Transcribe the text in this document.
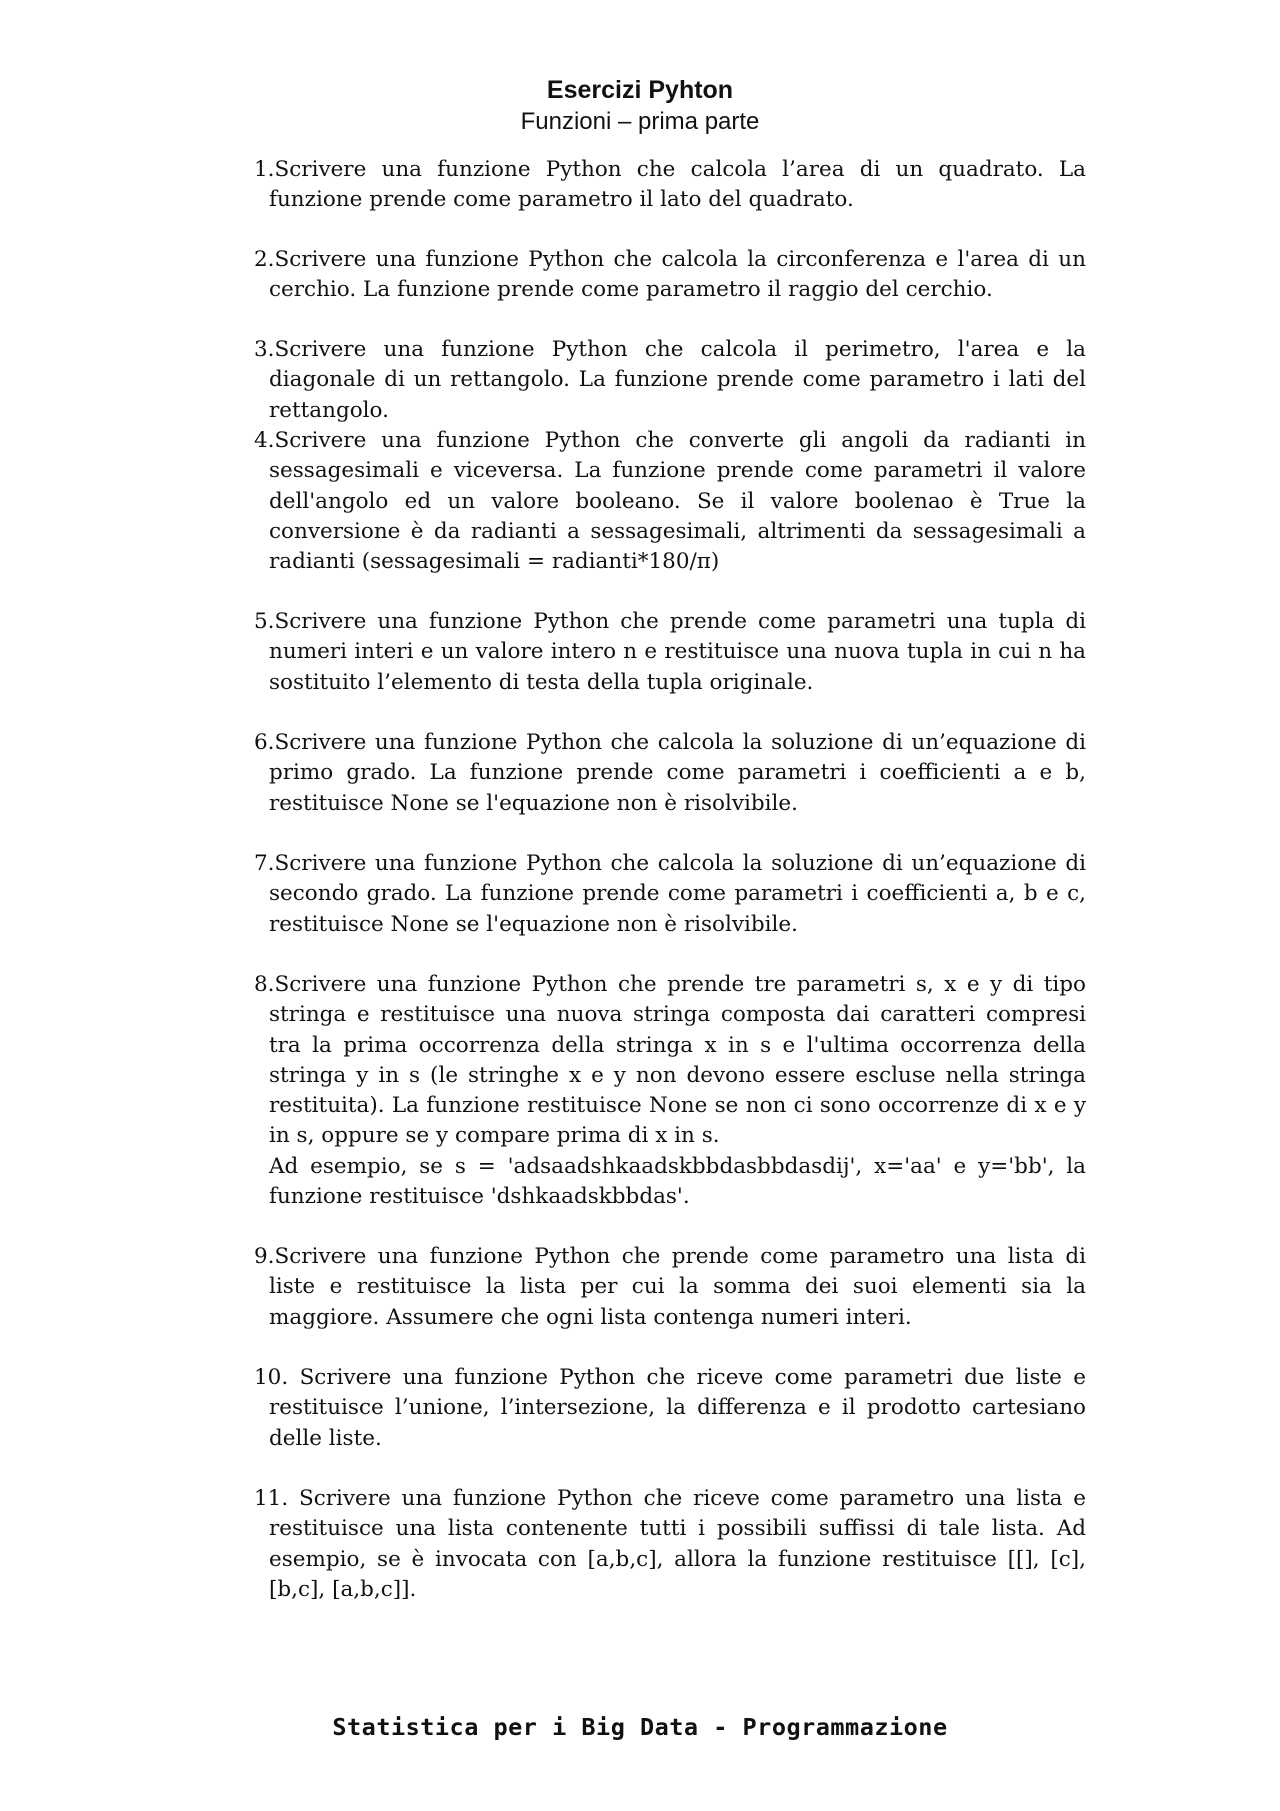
Esercizi Pyhton
Funzioni – prima parte
1.Scrivere una funzione Python che calcola l’area di un quadrato. La funzione prende come parametro il lato del quadrato.
2.Scrivere una funzione Python che calcola la circonferenza e l'area di un cerchio. La funzione prende come parametro il raggio del cerchio.
3.Scrivere una funzione Python che calcola il perimetro, l'area e la diagonale di un rettangolo. La funzione prende come parametro i lati del rettangolo.
4.Scrivere una funzione Python che converte gli angoli da radianti in sessagesimali e viceversa. La funzione prende come parametri il valore dell'angolo ed un valore booleano. Se il valore boolenao è True la conversione è da radianti a sessagesimali, altrimenti da sessagesimali a radianti (sessagesimali = radianti*180/π)
5.Scrivere una funzione Python che prende come parametri una tupla di numeri interi e un valore intero n e restituisce una nuova tupla in cui n ha sostituito l’elemento di testa della tupla originale.
6.Scrivere una funzione Python che calcola la soluzione di un’equazione di primo grado. La funzione prende come parametri i coefficienti a e b, restituisce None se l'equazione non è risolvibile.
7.Scrivere una funzione Python che calcola la soluzione di un’equazione di secondo grado. La funzione prende come parametri i coefficienti a, b e c, restituisce None se l'equazione non è risolvibile.
8.Scrivere una funzione Python che prende tre parametri s, x e y di tipo stringa e restituisce una nuova stringa composta dai caratteri compresi tra la prima occorrenza della stringa x in s e l'ultima occorrenza della stringa y in s (le stringhe x e y non devono essere escluse nella stringa restituita). La funzione restituisce None se non ci sono occorrenze di x e y in s, oppure se y compare prima di x in s.
Ad esempio, se s = 'adsaadshkaadskbbdasbbdasdij', x='aa' e y='bb', la funzione restituisce 'dshkaadskbbdas'.
9.Scrivere una funzione Python che prende come parametro una lista di liste e restituisce la lista per cui la somma dei suoi elementi sia la maggiore. Assumere che ogni lista contenga numeri interi.
10. Scrivere una funzione Python che riceve come parametri due liste e restituisce l’unione, l’intersezione, la differenza e il prodotto cartesiano delle liste.
11. Scrivere una funzione Python che riceve come parametro una lista e restituisce una lista contenente tutti i possibili suffissi di tale lista. Ad esempio, se è invocata con [a,b,c], allora la funzione restituisce [[], [c], [b,c], [a,b,c]].
Statistica per i Big Data - Programmazione
